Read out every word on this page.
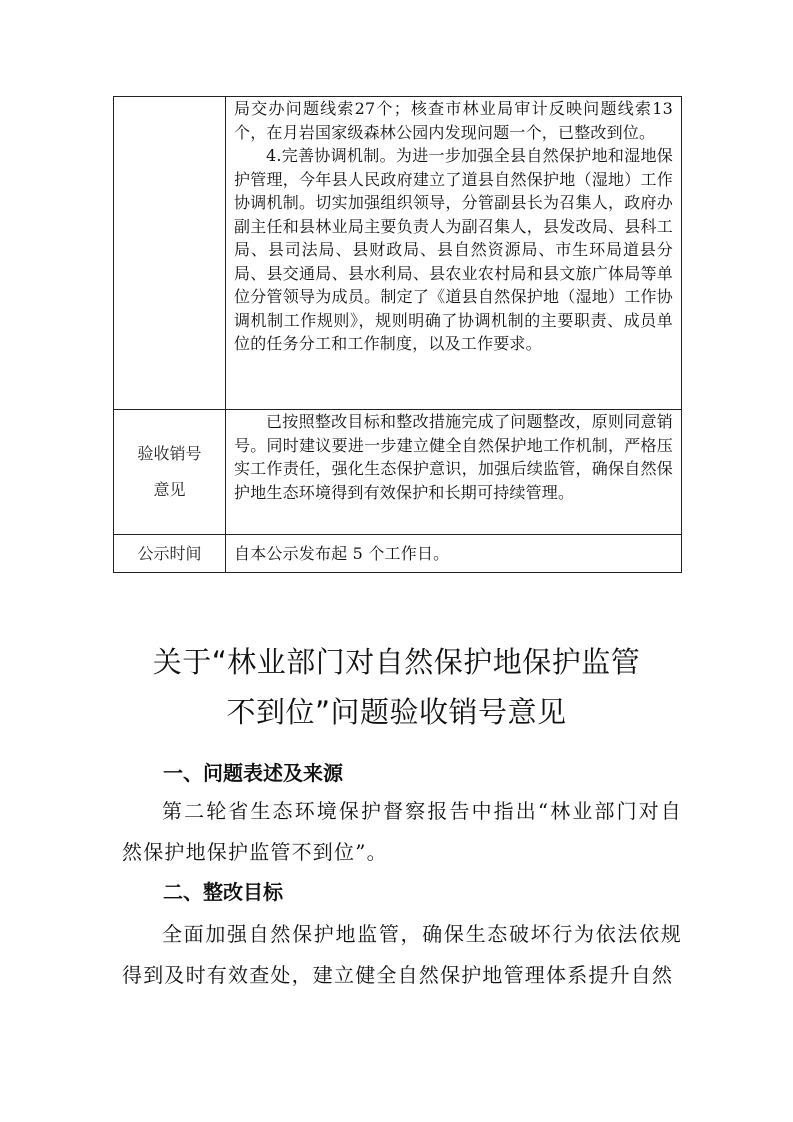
	局交办问题线索27个；核查市林业局审计反映问题线索13个，在月岩国家级森林公园内发现问题一个，已整改到位。

4.完善协调机制。为进一步加强全县自然保护地和湿地保护管理，今年县人民政府建立了道县自然保护地（湿地）工作协调机制。切实加强组织领导，分管副县长为召集人，政府办副主任和县林业局主要负责人为副召集人，县发改局、县科工局、县司法局、县财政局、县自然资源局、市生环局道县分局、县交通局、县水利局、县农业农村局和县文旅广体局等单位分管领导为成员。制定了《道县自然保护地（湿地）工作协调机制工作规则》，规则明确了协调机制的主要职责、成员单位的任务分工和工作制度，以及工作要求。

验收销号
意见	已按照整改目标和整改措施完成了问题整改，原则同意销号。同时建议要进一步建立健全自然保护地工作机制，严格压实工作责任，强化生态保护意识，加强后续监管，确保自然保护地生态环境得到有效保护和长期可持续管理。

公示时间	自本公示发布起 5 个工作日。

关于“林业部门对自然保护地保护监管
不到位”问题验收销号意见
一、问题表述及来源

第二轮省生态环境保护督察报告中指出“林业部门对自然保护地保护监管不到位”。

二、整改目标

全面加强自然保护地监管，确保生态破坏行为依法依规得到及时有效查处，建立健全自然保护地管理体系提升自然
